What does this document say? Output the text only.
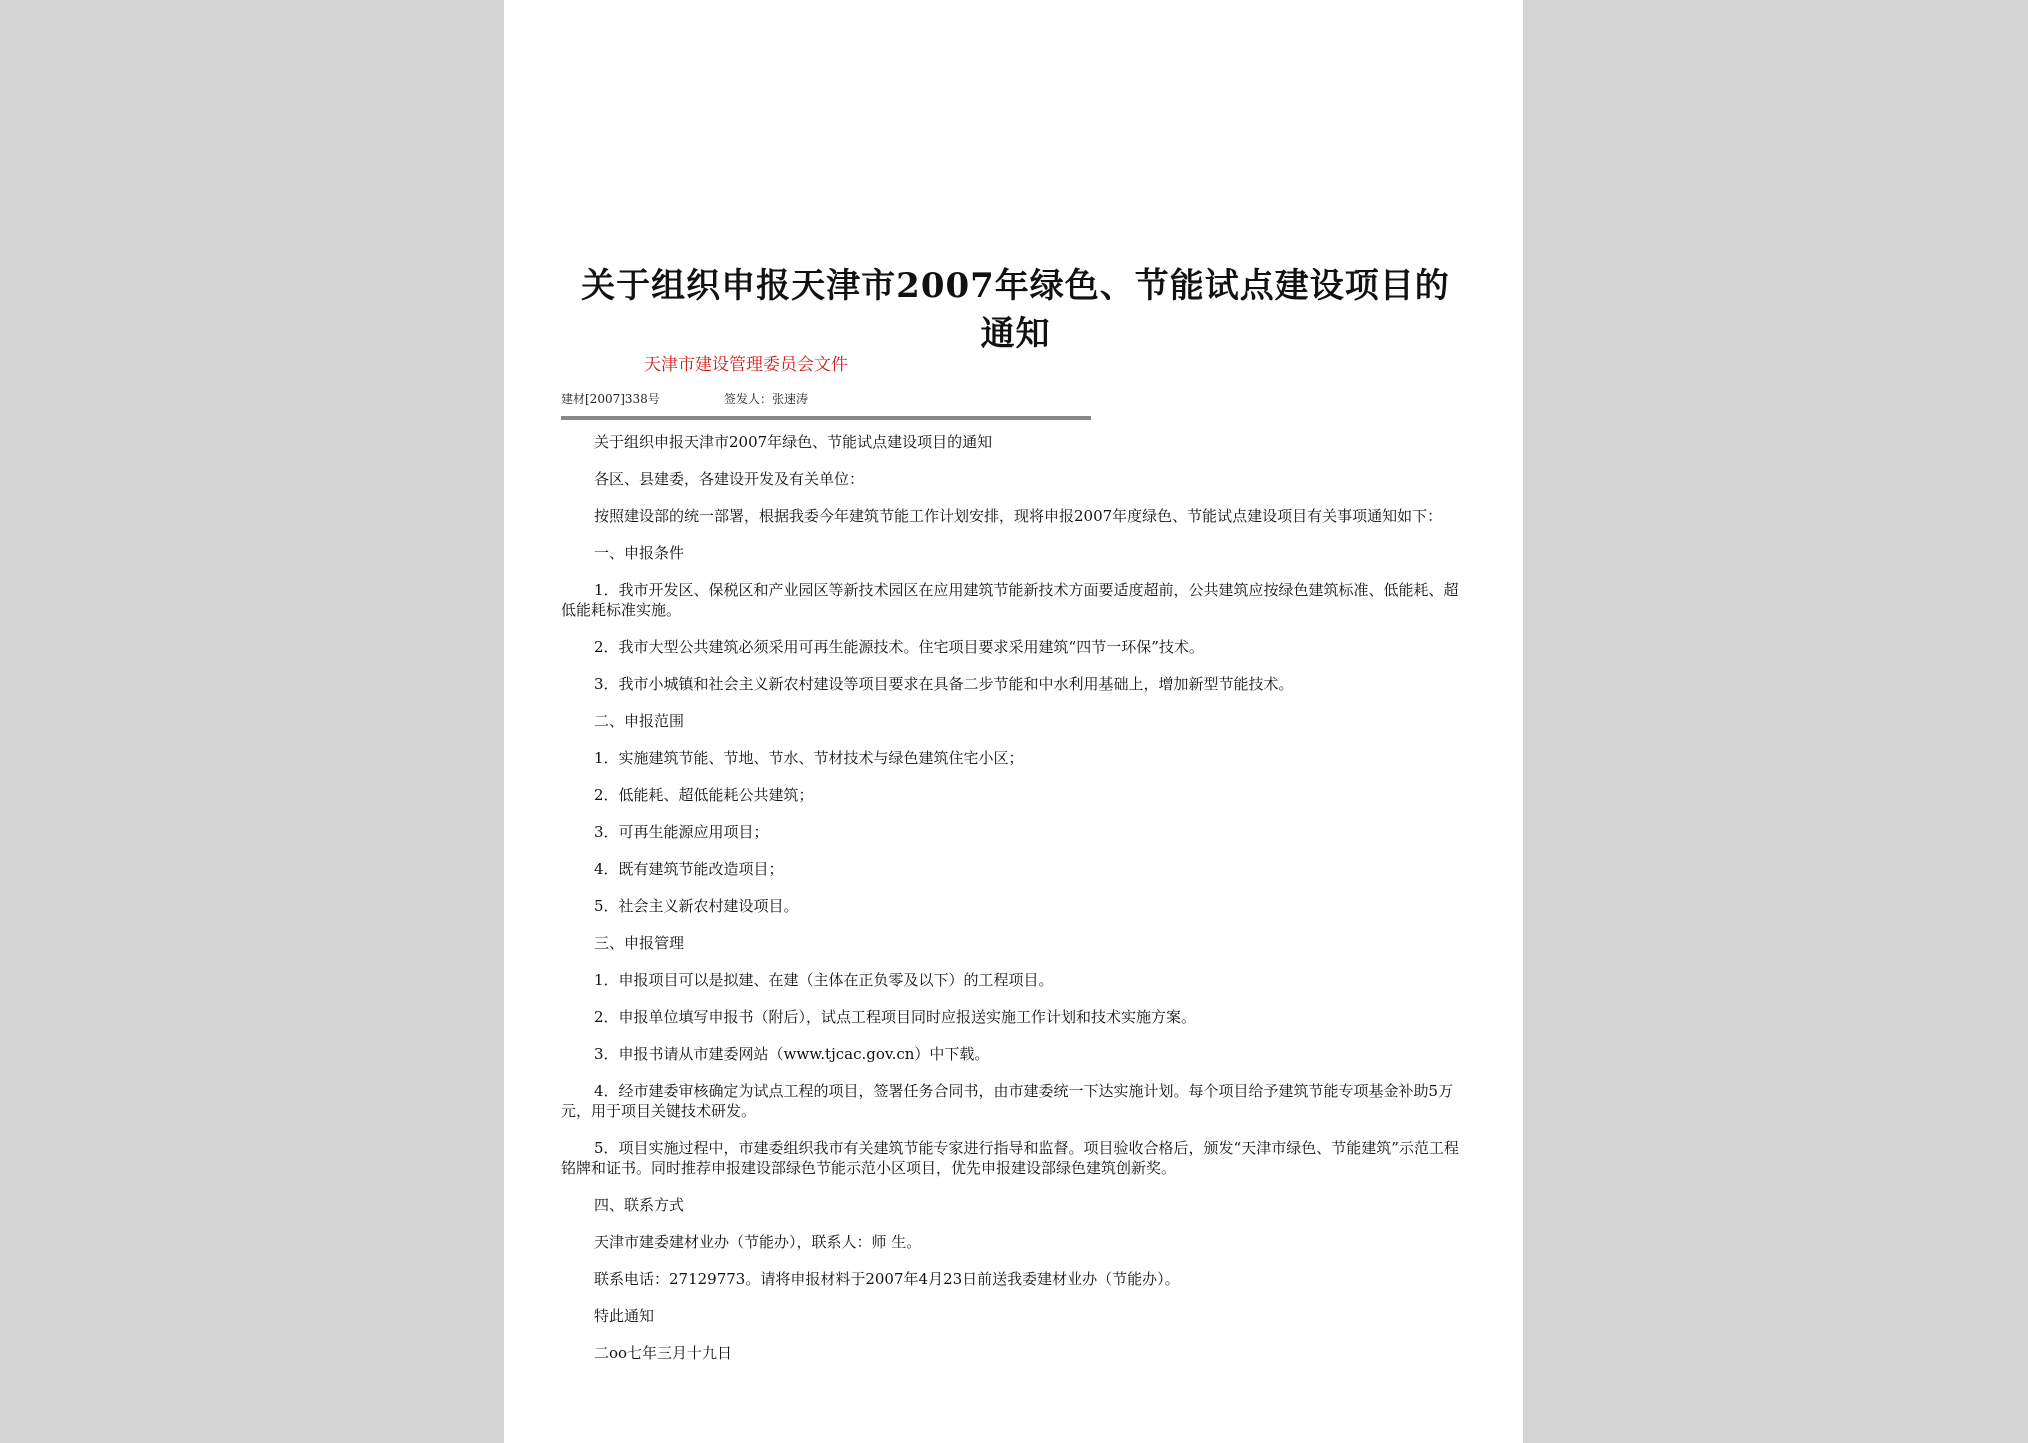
关于组织申报天津市2007年绿色、节能试点建设项目的
通知
天津市建设管理委员会文件
建材[2007]338号	签发人：张速涛

关于组织申报天津市2007年绿色、节能试点建设项目的通知

各区、县建委，各建设开发及有关单位：

按照建设部的统一部署，根据我委今年建筑节能工作计划安排，现将申报2007年度绿色、节能试点建设项目有关事项通知如下：

一、申报条件

1．我市开发区、保税区和产业园区等新技术园区在应用建筑节能新技术方面要适度超前，公共建筑应按绿色建筑标准、低能耗、超低能耗标准实施。

2．我市大型公共建筑必须采用可再生能源技术。住宅项目要求采用建筑“四节一环保”技术。

3．我市小城镇和社会主义新农村建设等项目要求在具备二步节能和中水利用基础上，增加新型节能技术。

二、申报范围

1．实施建筑节能、节地、节水、节材技术与绿色建筑住宅小区；

2．低能耗、超低能耗公共建筑；

3．可再生能源应用项目；

4．既有建筑节能改造项目；

5．社会主义新农村建设项目。

三、申报管理

1．申报项目可以是拟建、在建（主体在正负零及以下）的工程项目。

2．申报单位填写申报书（附后），试点工程项目同时应报送实施工作计划和技术实施方案。

3．申报书请从市建委网站（www.tjcac.gov.cn）中下载。

4．经市建委审核确定为试点工程的项目，签署任务合同书，由市建委统一下达实施计划。每个项目给予建筑节能专项基金补助5万元，用于项目关键技术研发。

5．项目实施过程中，市建委组织我市有关建筑节能专家进行指导和监督。项目验收合格后，颁发“天津市绿色、节能建筑”示范工程铭牌和证书。同时推荐申报建设部绿色节能示范小区项目，优先申报建设部绿色建筑创新奖。

四、联系方式

天津市建委建材业办（节能办），联系人：师 生。

联系电话：27129773。请将申报材料于2007年4月23日前送我委建材业办（节能办）。

特此通知

二oo七年三月十九日
